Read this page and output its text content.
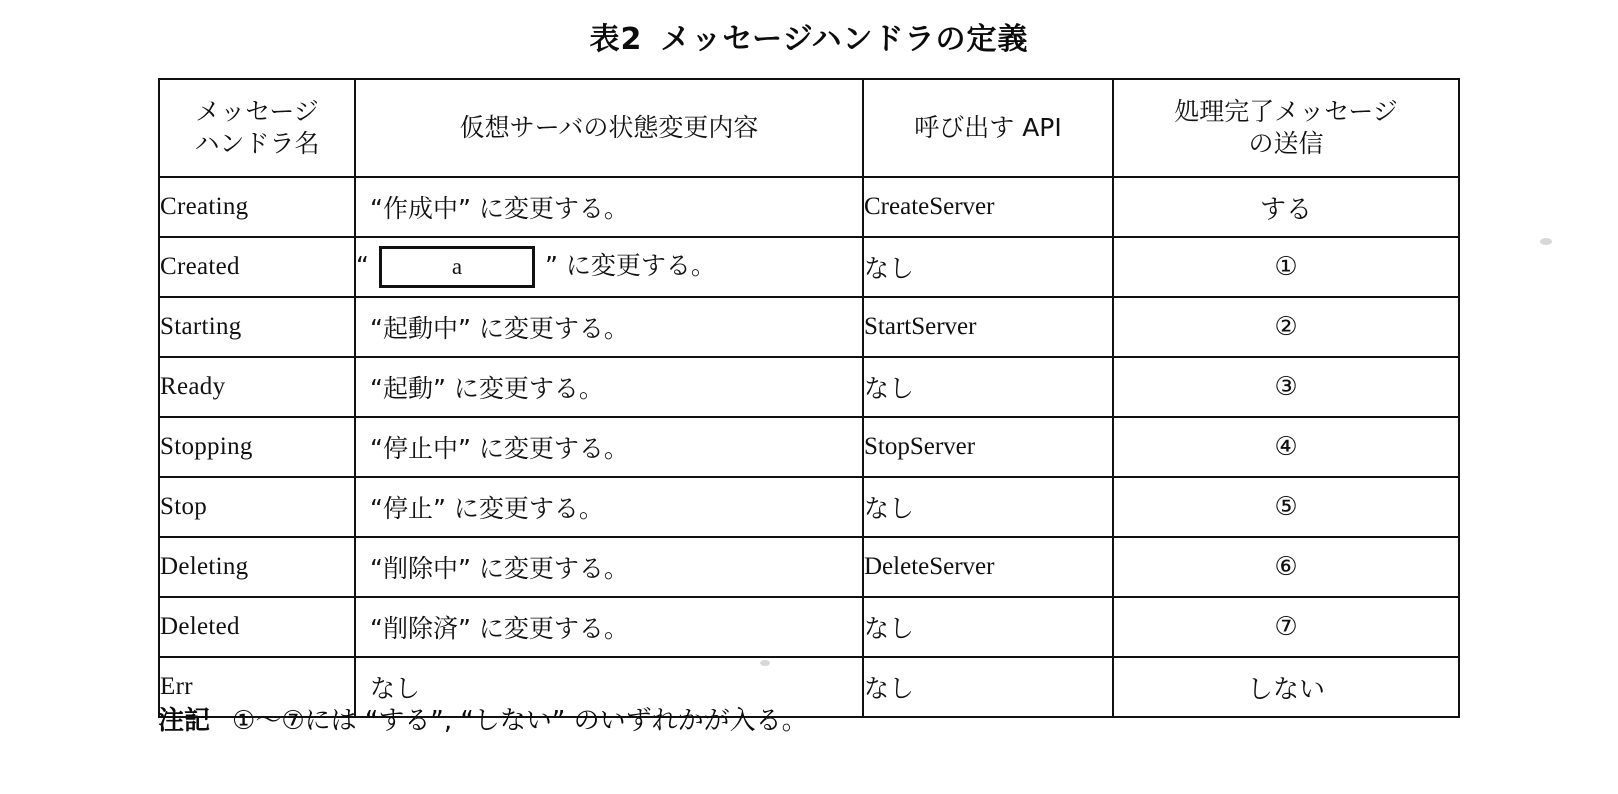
表2 メッセージハンドラの定義
メッセージ
ハンドラ名	仮想サーバの状態変更内容	呼び出す API	処理完了メッセージ
の送信

Creating	“作成中” に変更する。	CreateServer	する
Created	“ a ” に変更する。	なし	①
Starting	“起動中” に変更する。	StartServer	②
Ready	“起動” に変更する。	なし	③
Stopping	“停止中” に変更する。	StopServer	④
Stop	“停止” に変更する。	なし	⑤
Deleting	“削除中” に変更する。	DeleteServer	⑥
Deleted	“削除済” に変更する。	なし	⑦
Err	なし	なし	しない
注記 ①〜⑦には “する”, “しない” のいずれかが入る。
